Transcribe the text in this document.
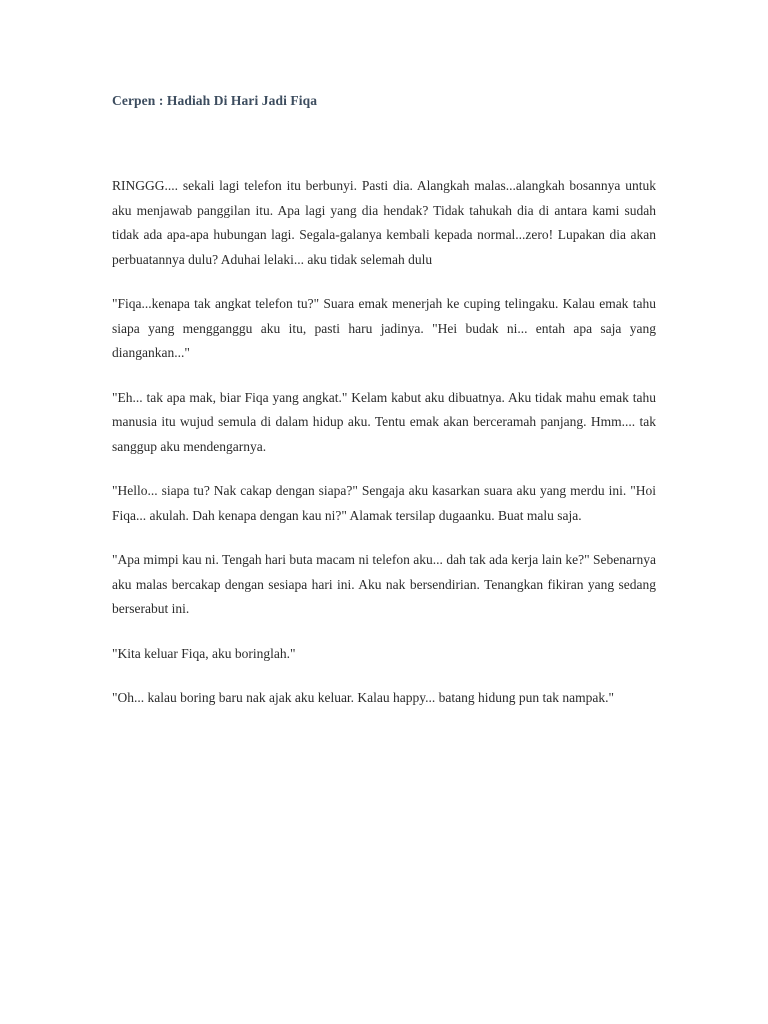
Cerpen : Hadiah Di Hari Jadi Fiqa

RINGGG.... sekali lagi telefon itu berbunyi. Pasti dia. Alangkah malas...alangkah bosannya untuk aku menjawab panggilan itu. Apa lagi yang dia hendak? Tidak tahukah dia di antara kami sudah tidak ada apa-apa hubungan lagi. Segala-galanya kembali kepada normal...zero! Lupakan dia akan perbuatannya dulu? Aduhai lelaki... aku tidak selemah dulu

"Fiqa...kenapa tak angkat telefon tu?" Suara emak menerjah ke cuping telingaku. Kalau emak tahu siapa yang mengganggu aku itu, pasti haru jadinya. "Hei budak ni... entah apa saja yang diangankan..."

"Eh... tak apa mak, biar Fiqa yang angkat." Kelam kabut aku dibuatnya. Aku tidak mahu emak tahu manusia itu wujud semula di dalam hidup aku. Tentu emak akan berceramah panjang. Hmm.... tak sanggup aku mendengarnya.

"Hello... siapa tu? Nak cakap dengan siapa?" Sengaja aku kasarkan suara aku yang merdu ini. "Hoi Fiqa... akulah. Dah kenapa dengan kau ni?" Alamak tersilap dugaanku. Buat malu saja.

"Apa mimpi kau ni. Tengah hari buta macam ni telefon aku... dah tak ada kerja lain ke?" Sebenarnya aku malas bercakap dengan sesiapa hari ini. Aku nak bersendirian. Tenangkan fikiran yang sedang berserabut ini.

"Kita keluar Fiqa, aku boringlah."

"Oh... kalau boring baru nak ajak aku keluar. Kalau happy... batang hidung pun tak nampak."
